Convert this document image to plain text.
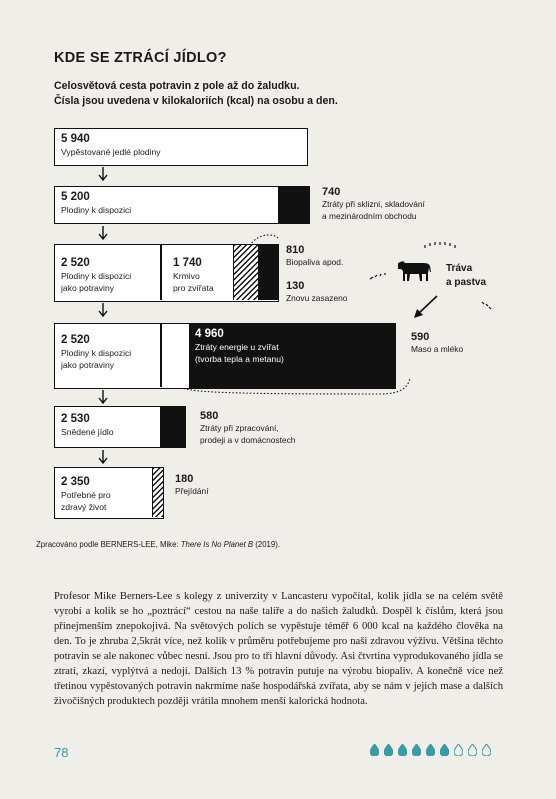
KDE SE ZTRÁCÍ JÍDLO?
Celosvětová cesta potravin z pole až do žaludku.
Čísla jsou uvedena v kilokaloriích (kcal) na osobu a den.
5 940
Vypěstované jedlé plodiny
5 200
Plodiny k dispozici
740
Ztráty při sklizni, skladování
a mezinárodním obchodu
2 520
Plodiny k dispozici
jako potraviny
1 740
Krmivo
pro zvířata
810
Biopaliva apod.
130
Znovu zasazeno
Tráva
a pastva
2 520
Plodiny k dispozici
jako potraviny
4 960
Ztráty energie u zvířat
(tvorba tepla a metanu)
590
Maso a mléko
2 530
Snědené jídlo
580
Ztráty při zpracování,
prodeji a v domácnostech
2 350
Potřebné pro
zdravý život
180
Přejídání
Zpracováno podle BERNERS-LEE, Mike: There Is No Planet B (2019).

Profesor Mike Berners-Lee s kolegy z univerzity v Lancasteru vypočítal, kolik jídla se na celém světě vyrobí a kolik se ho „poztrácí“ cestou na naše talíře a do našich žaludků. Dospěl k číslům, která jsou přinejmenším znepokojivá. Na světových polích se vypěstuje téměř 6 000 kcal na každého člověka na den. To je zhruba 2,5krát více, než kolik v průměru potřebujeme pro naši zdravou výživu. Většina těchto potravin se ale nakonec vůbec nesní. Jsou pro to tři hlavní důvody. Asi čtvrtina vyprodukovaného jídla se ztratí, zkazí, vyplýtvá a nedojí. Dalších 13 % potravin putuje na výrobu biopaliv. A konečně více než třetinou vypěstovaných potravin nakrmíme naše hospodářská zvířata, aby se nám v jejich mase a dalších živočišných produktech později vrátila mnohem menší kalorická hodnota.

78
